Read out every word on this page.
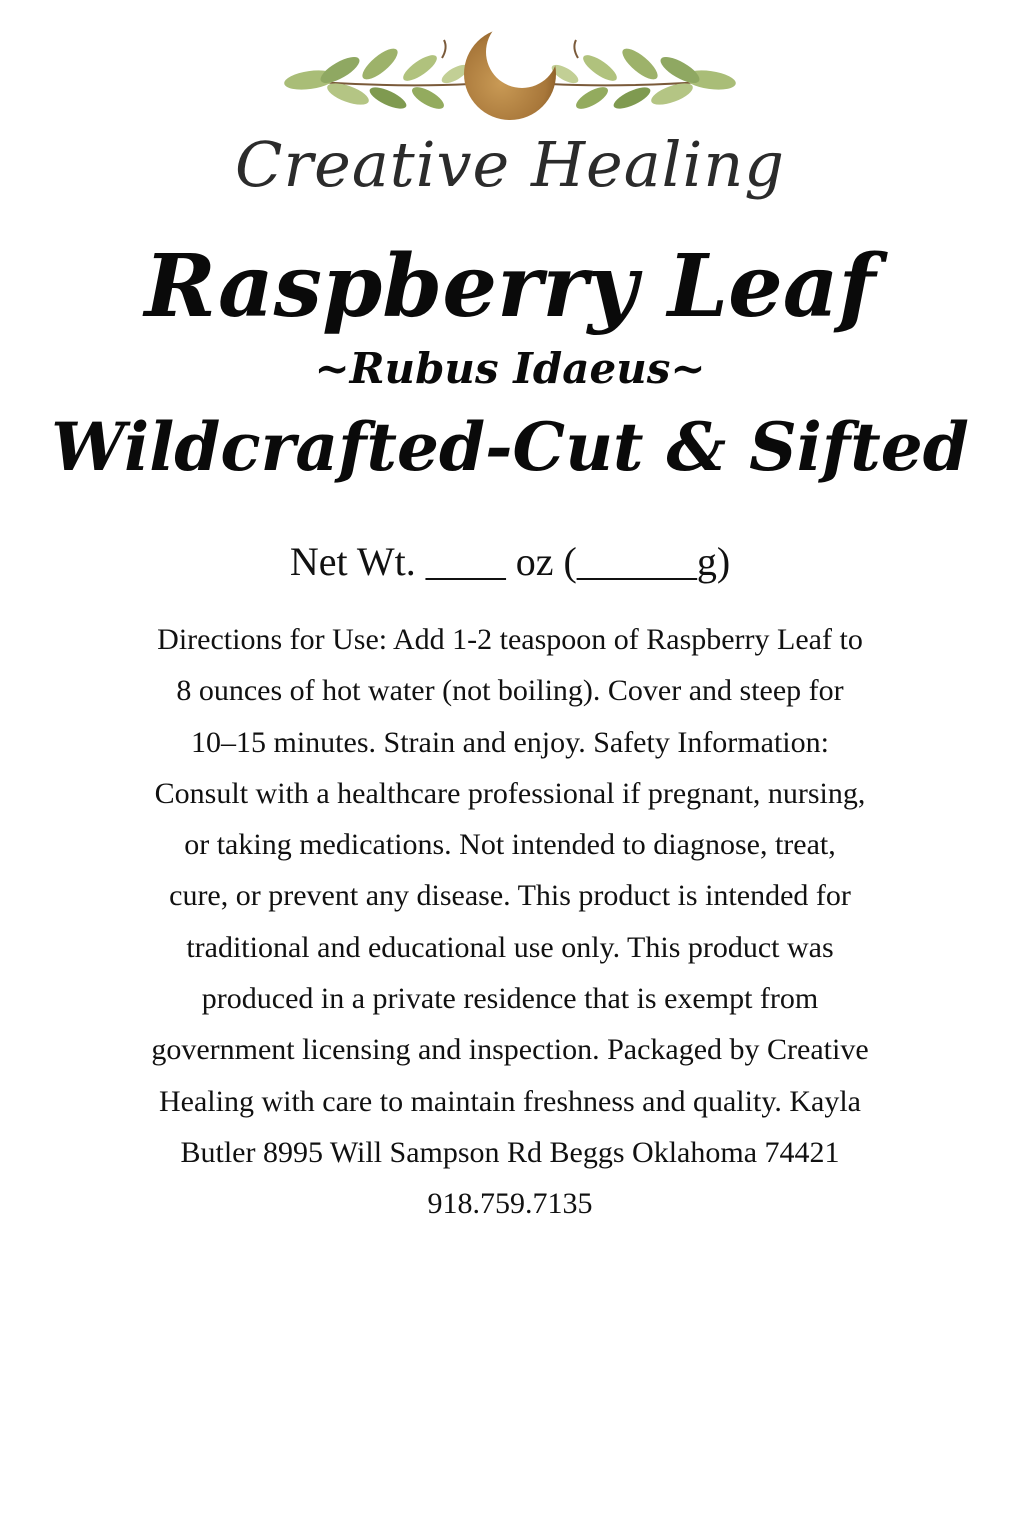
Creative Healing
Raspberry Leaf
~Rubus Idaeus~
Wildcrafted-Cut & Sifted
Net Wt. ____ oz (______g)
Directions for Use: Add 1-2 teaspoon of Raspberry Leaf to
8 ounces of hot water (not boiling). Cover and steep for
10–15 minutes. Strain and enjoy. Safety Information:
Consult with a healthcare professional if pregnant, nursing,
or taking medications. Not intended to diagnose, treat,
cure, or prevent any disease. This product is intended for
traditional and educational use only. This product was
produced in a private residence that is exempt from
government licensing and inspection. Packaged by Creative
Healing with care to maintain freshness and quality. Kayla
Butler 8995 Will Sampson Rd Beggs Oklahoma 74421
918.759.7135
